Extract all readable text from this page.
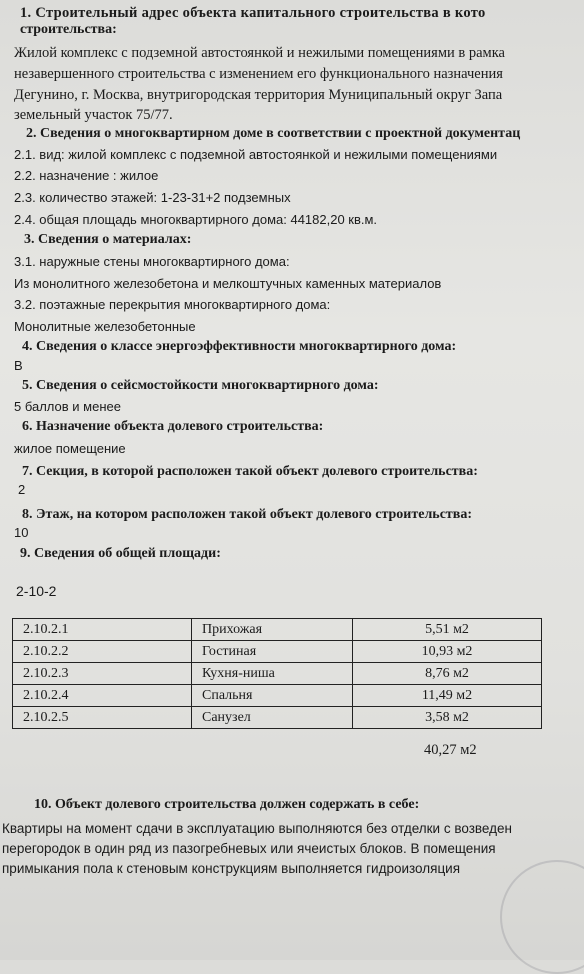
1. Строительный адрес объекта капитального строительства в кото
строительства:
Жилой комплекс с подземной автостоянкой и нежилыми помещениями в рамка
незавершенного строительства с изменением его функционального назначения
Дегунино, г. Москва, внутригородская территория Муниципальный округ Запа
земельный участок 75/77.
2. Сведения о многоквартирном доме в соответствии с проектной документац
2.1. вид: жилой комплекс с подземной автостоянкой и нежилыми помещениями
2.2. назначение : жилое
2.3. количество этажей: 1-23-31+2 подземных
2.4. общая площадь многоквартирного дома: 44182,20 кв.м.
3. Сведения о материалах:
3.1. наружные стены многоквартирного дома:
Из монолитного железобетона и мелкоштучных каменных материалов
3.2. поэтажные перекрытия многоквартирного дома:
Монолитные железобетонные
4. Сведения о классе энергоэффективности многоквартирного дома:
В
5. Сведения о сейсмостойкости многоквартирного дома:
5 баллов и менее
6. Назначение объекта долевого строительства:
жилое помещение
7. Секция, в которой расположен такой объект долевого строительства:
2
8. Этаж, на котором расположен такой объект долевого строительства:
10
9. Сведения об общей площади:
2-10-2
2.10.2.1	Прихожая	5,51 м2
2.10.2.2	Гостиная	10,93 м2
2.10.2.3	Кухня-ниша	8,76 м2
2.10.2.4	Спальня	11,49 м2
2.10.2.5	Санузел	3,58 м2
40,27 м2
10. Объект долевого строительства должен содержать в себе:
Квартиры на момент сдачи в эксплуатацию выполняются без отделки с возведен
перегородок в один ряд из пазогребневых или ячеистых блоков. В помещения
примыкания пола к стеновым конструкциям выполняется гидроизоляция
